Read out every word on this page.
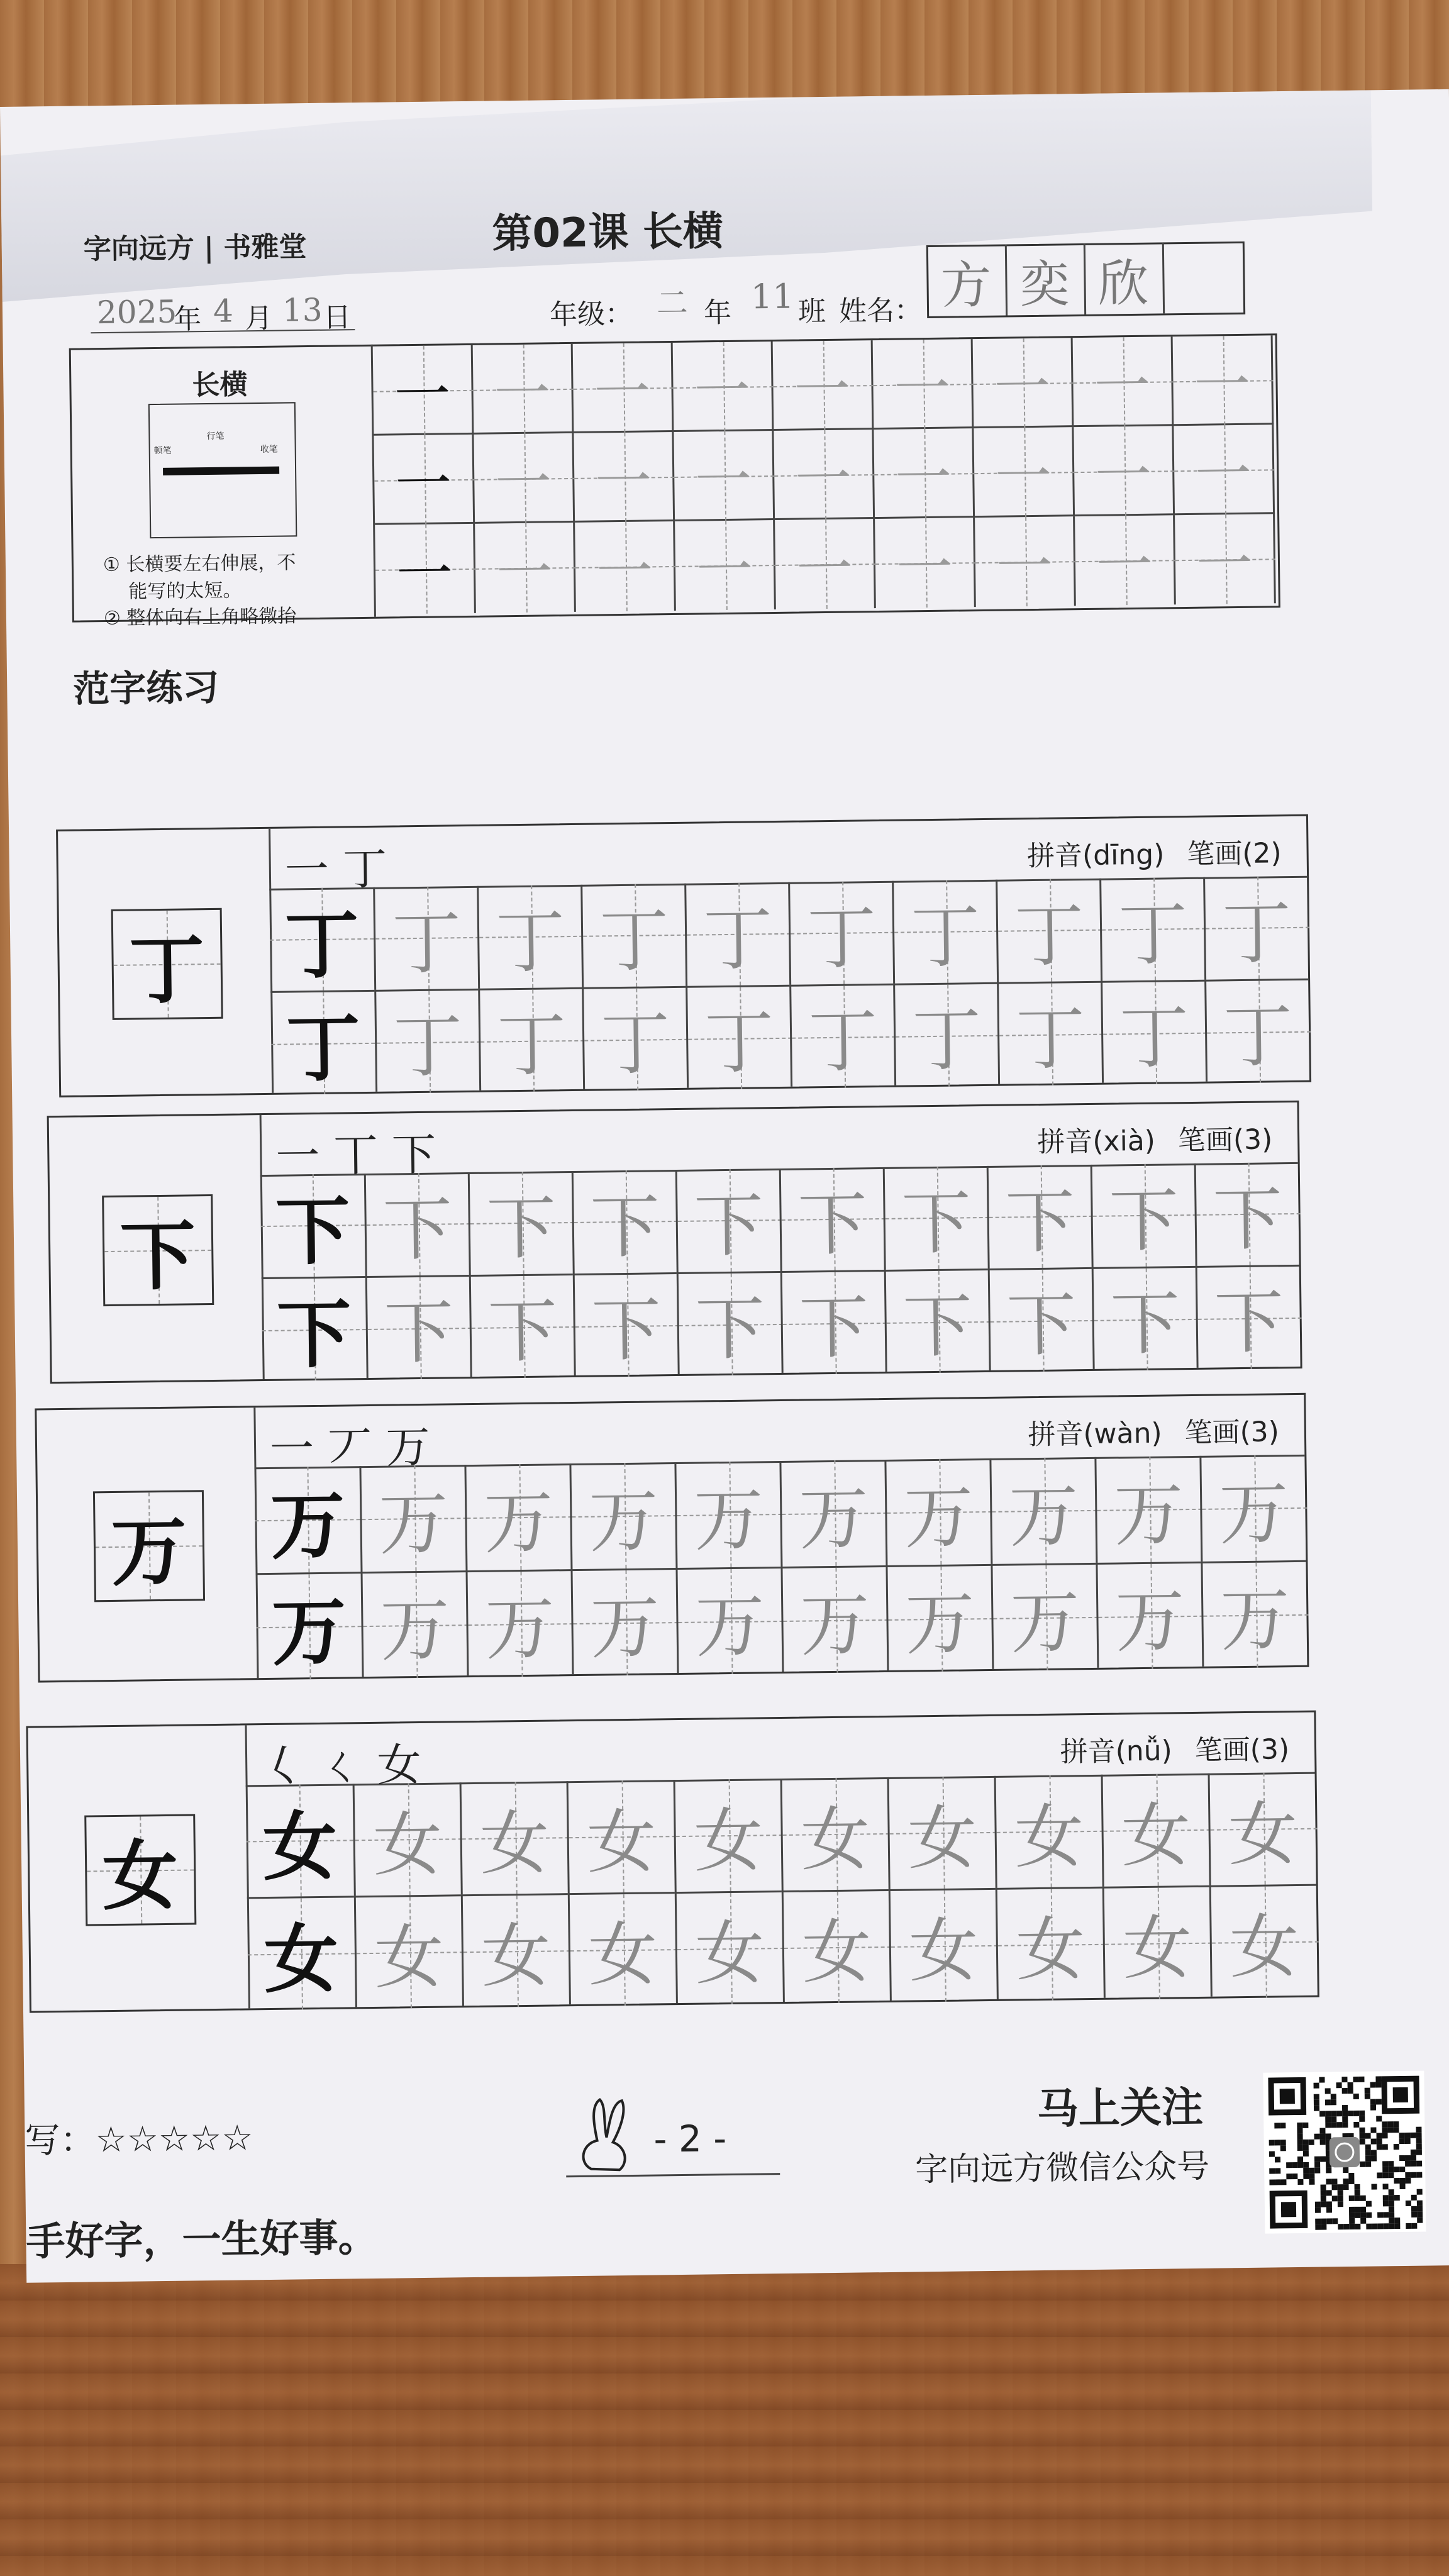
字向远方 | 书雅堂	第02课 长横
2025
年 4 月 13 日	年级： 二 年 11 班 姓名： 方 奕 欣
长横
顿笔
行笔
收笔
① 长横要左右伸展，不
能写的太短。
② 整体向右上角略微抬
一 一 一 一 一 一 一 一 一
一 一 一 一 一 一 一 一 一
一 一 一 一 一 一 一 一 一
范字练习
丁
一 丁	拼音(dīng) 笔画(2)
丁 丁 丁 丁 丁 丁 丁 丁 丁 丁
丁 丁 丁 丁 丁 丁 丁 丁 丁 丁
下
一 丅 下	拼音(xià) 笔画(3)
下 下 下 下 下 下 下 下 下 下
下 下 下 下 下 下 下 下 下 下
万
一 丆 万	拼音(wàn) 笔画(3)
万 万 万 万 万 万 万 万 万 万
万 万 万 万 万 万 万 万 万 万
女
𡿨 ㄑ 女	拼音(nǚ) 笔画(3)
女 女 女 女 女 女 女 女 女 女
女 女 女 女 女 女 女 女 女 女
写：☆☆☆☆☆
手好字，一生好事。
- 2 -
马上关注
字向远方微信公众号
